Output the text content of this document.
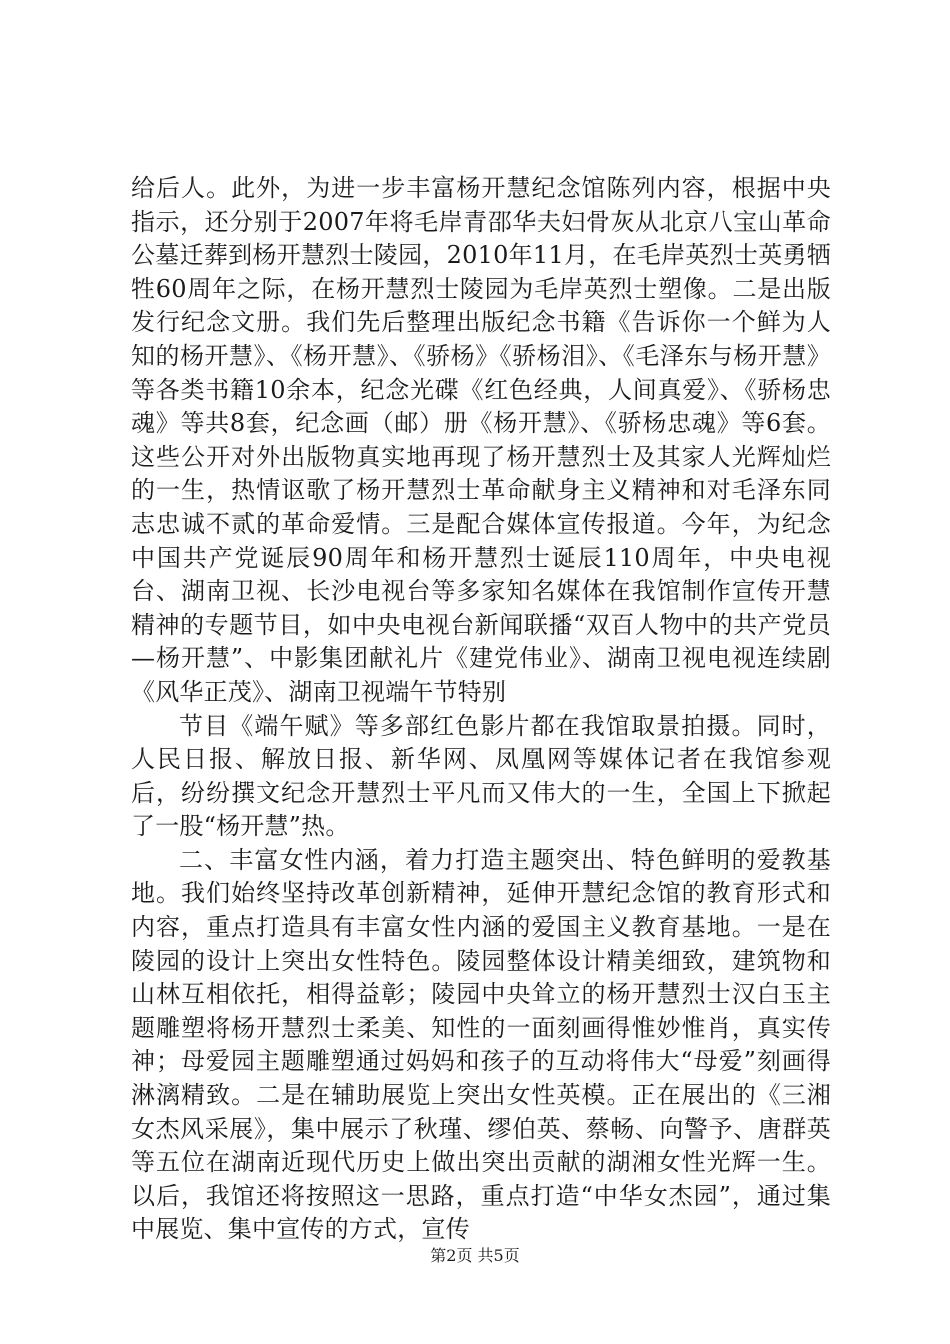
给后人。此外，为进一步丰富杨开慧纪念馆陈列内容，根据中央指示，还分别于2007年将毛岸青邵华夫妇骨灰从北京八宝山革命公墓迁葬到杨开慧烈士陵园，2010年11月，在毛岸英烈士英勇牺牲60周年之际，在杨开慧烈士陵园为毛岸英烈士塑像。二是出版发行纪念文册。我们先后整理出版纪念书籍《告诉你一个鲜为人知的杨开慧》、《杨开慧》、《骄杨》《骄杨泪》、《毛泽东与杨开慧》等各类书籍10余本，纪念光碟《红色经典，人间真爱》、《骄杨忠魂》等共8套，纪念画（邮）册《杨开慧》、《骄杨忠魂》等6套。这些公开对外出版物真实地再现了杨开慧烈士及其家人光辉灿烂的一生，热情讴歌了杨开慧烈士革命献身主义精神和对毛泽东同志忠诚不贰的革命爱情。三是配合媒体宣传报道。今年，为纪念中国共产党诞辰90周年和杨开慧烈士诞辰110周年，中央电视台、湖南卫视、长沙电视台等多家知名媒体在我馆制作宣传开慧精神的专题节目，如中央电视台新闻联播“双百人物中的共产党员—杨开慧”、中影集团献礼片《建党伟业》、湖南卫视电视连续剧《风华正茂》、湖南卫视端午节特别

节目《端午赋》等多部红色影片都在我馆取景拍摄。同时，人民日报、解放日报、新华网、凤凰网等媒体记者在我馆参观后，纷纷撰文纪念开慧烈士平凡而又伟大的一生，全国上下掀起了一股“杨开慧”热。

二、丰富女性内涵，着力打造主题突出、特色鲜明的爱教基地。我们始终坚持改革创新精神，延伸开慧纪念馆的教育形式和内容，重点打造具有丰富女性内涵的爱国主义教育基地。一是在陵园的设计上突出女性特色。陵园整体设计精美细致，建筑物和山林互相依托，相得益彰；陵园中央耸立的杨开慧烈士汉白玉主题雕塑将杨开慧烈士柔美、知性的一面刻画得惟妙惟肖，真实传神；母爱园主题雕塑通过妈妈和孩子的互动将伟大“母爱”刻画得淋漓精致。二是在辅助展览上突出女性英模。正在展出的《三湘女杰风采展》，集中展示了秋瑾、缪伯英、蔡畅、向警予、唐群英等五位在湖南近现代历史上做出突出贡献的湖湘女性光辉一生。以后，我馆还将按照这一思路，重点打造“中华女杰园”，通过集中展览、集中宣传的方式，宣传

第2页 共5页
